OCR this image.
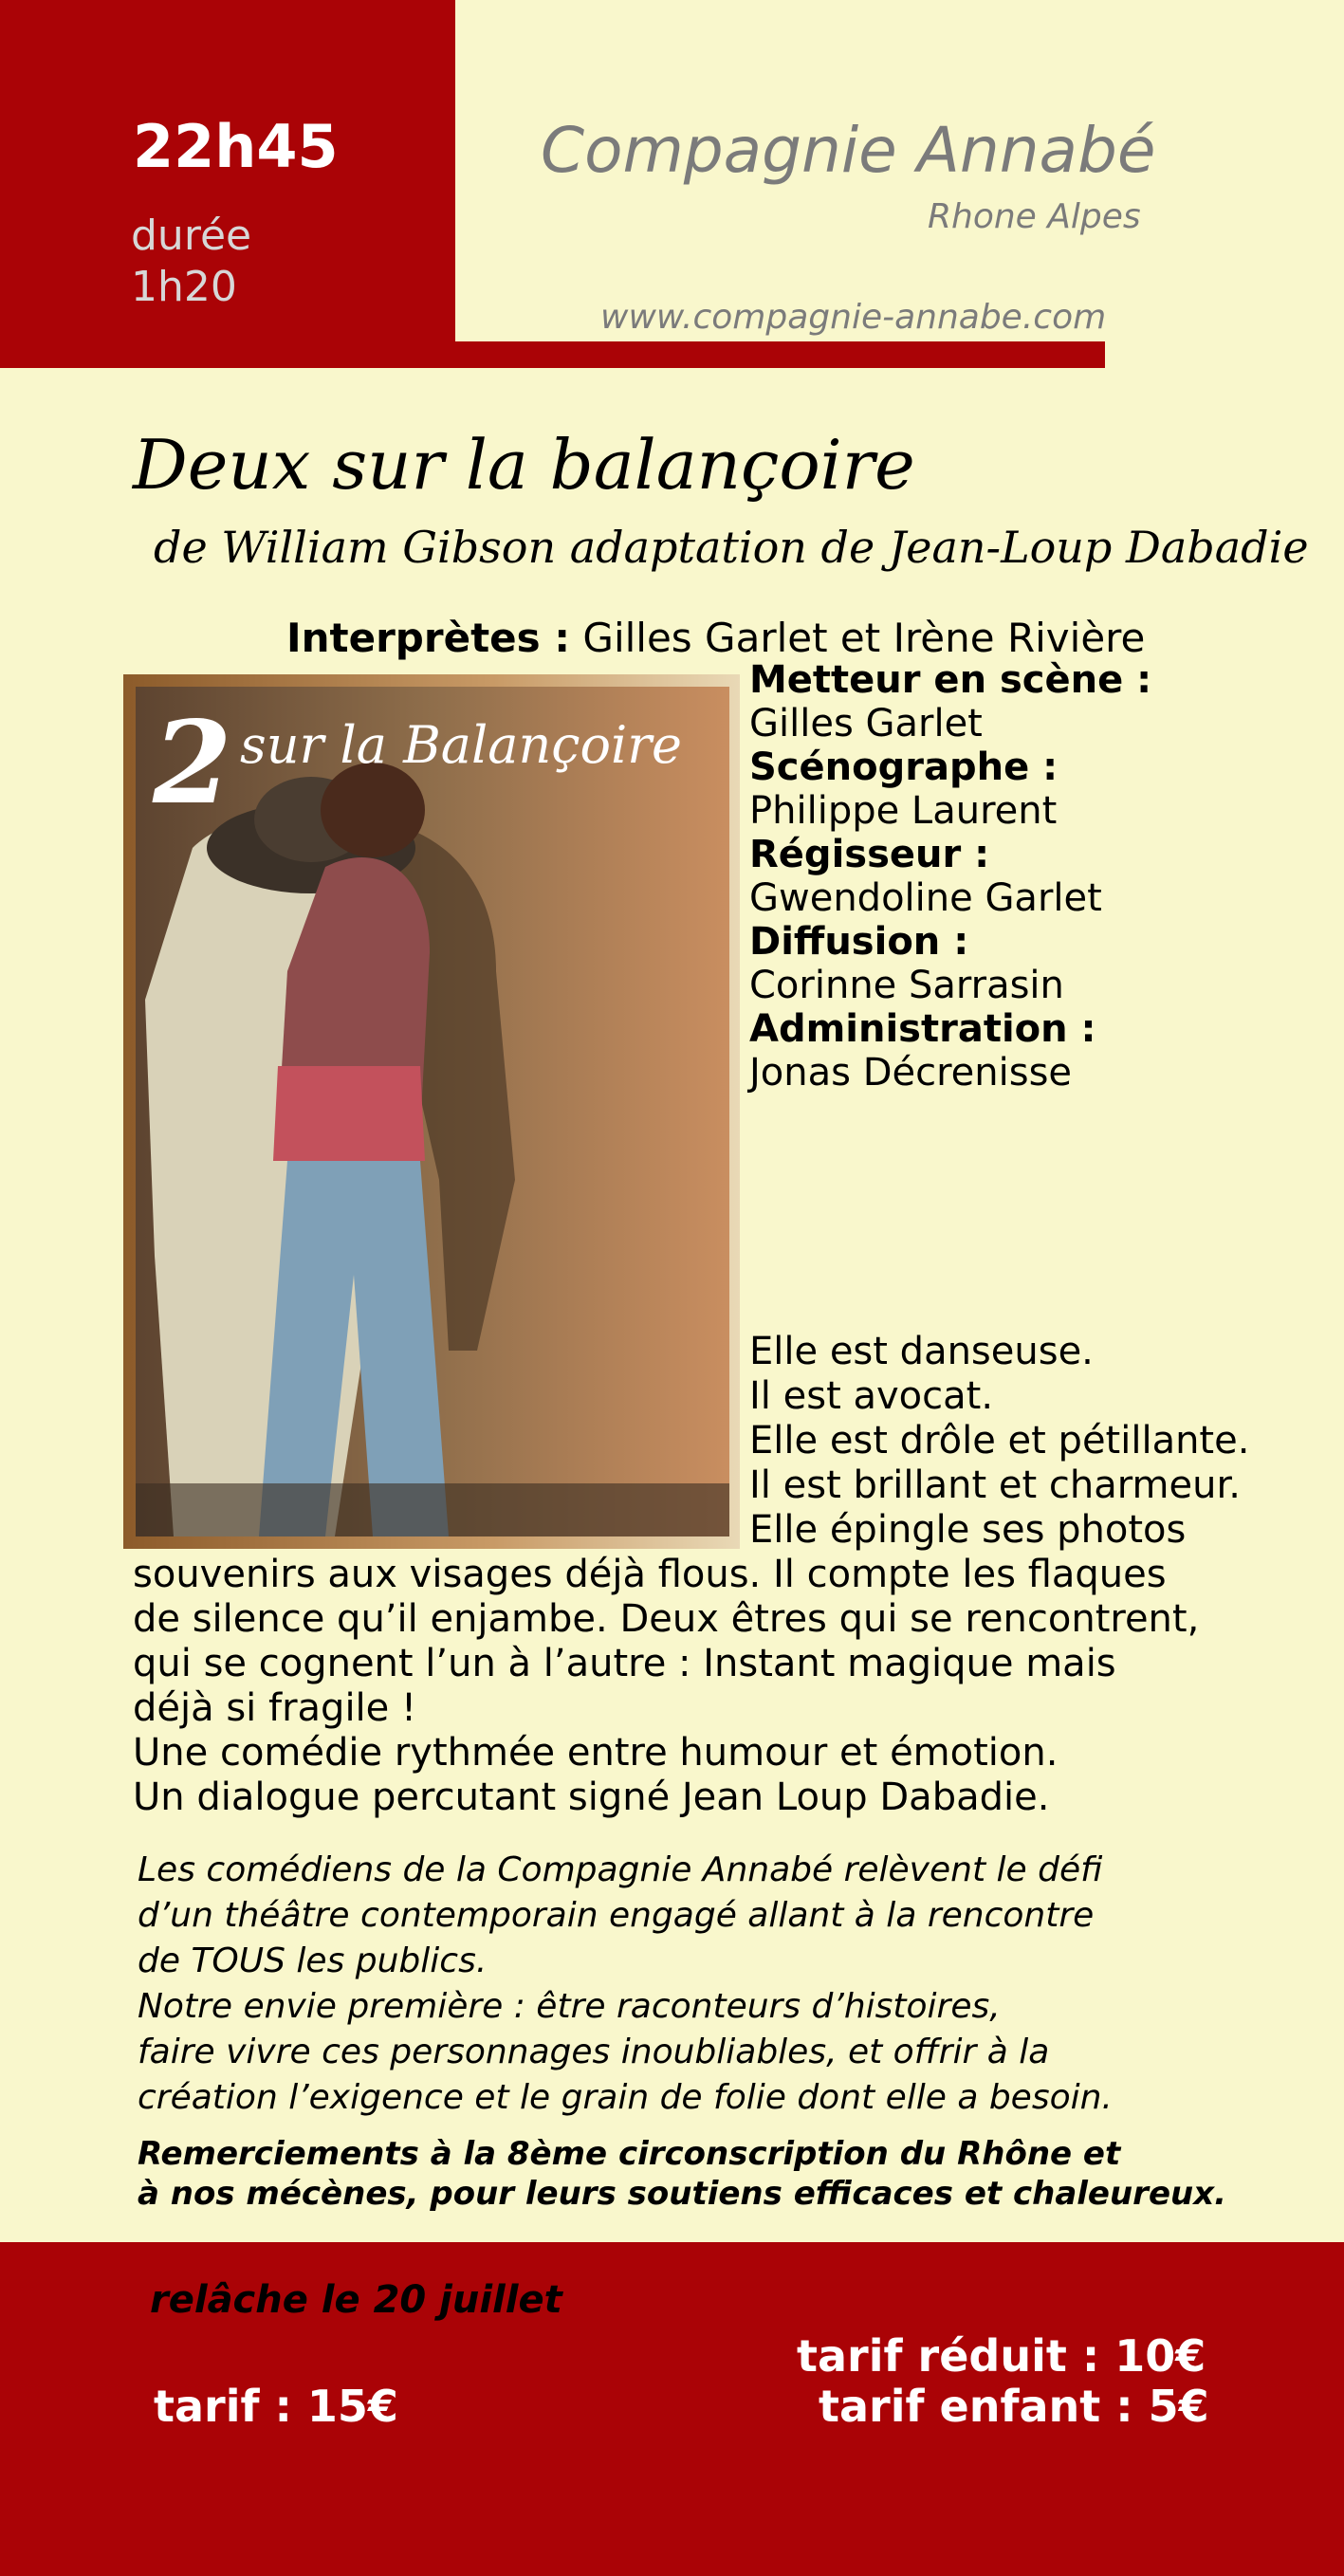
22h45
durée
1h20
Compagnie Annabé
Rhone Alpes
www.compagnie-annabe.com
Deux sur la balançoire
de William Gibson adaptation de Jean-Loup Dabadie
Interprètes : Gilles Garlet et Irène Rivière
2 sur la Balançoire
Metteur en scène :
Gilles Garlet
Scénographe :
Philippe Laurent
Régisseur :
Gwendoline Garlet
Diffusion :
Corinne Sarrasin
Administration :
Jonas Décrenisse
Elle est danseuse.
Il est avocat.
Elle est drôle et pétillante.
Il est brillant et charmeur.
Elle épingle ses photos
souvenirs aux visages déjà flous. Il compte les flaques
de silence qu’il enjambe. Deux êtres qui se rencontrent,
qui se cognent l’un à l’autre : Instant magique mais
déjà si fragile !
Une comédie rythmée entre humour et émotion.
Un dialogue percutant signé Jean Loup Dabadie.
Les comédiens de la Compagnie Annabé relèvent le défi
d’un théâtre contemporain engagé allant à la rencontre
de TOUS les publics.
Notre envie première : être raconteurs d’histoires,
faire vivre ces personnages inoubliables, et offrir à la
création l’exigence et le grain de folie dont elle a besoin.
Remerciements à la 8ème circonscription du Rhône et
à nos mécènes, pour leurs soutiens efficaces et chaleureux.
relâche le 20 juillet
tarif : 15€
tarif réduit : 10€
tarif enfant : 5€
